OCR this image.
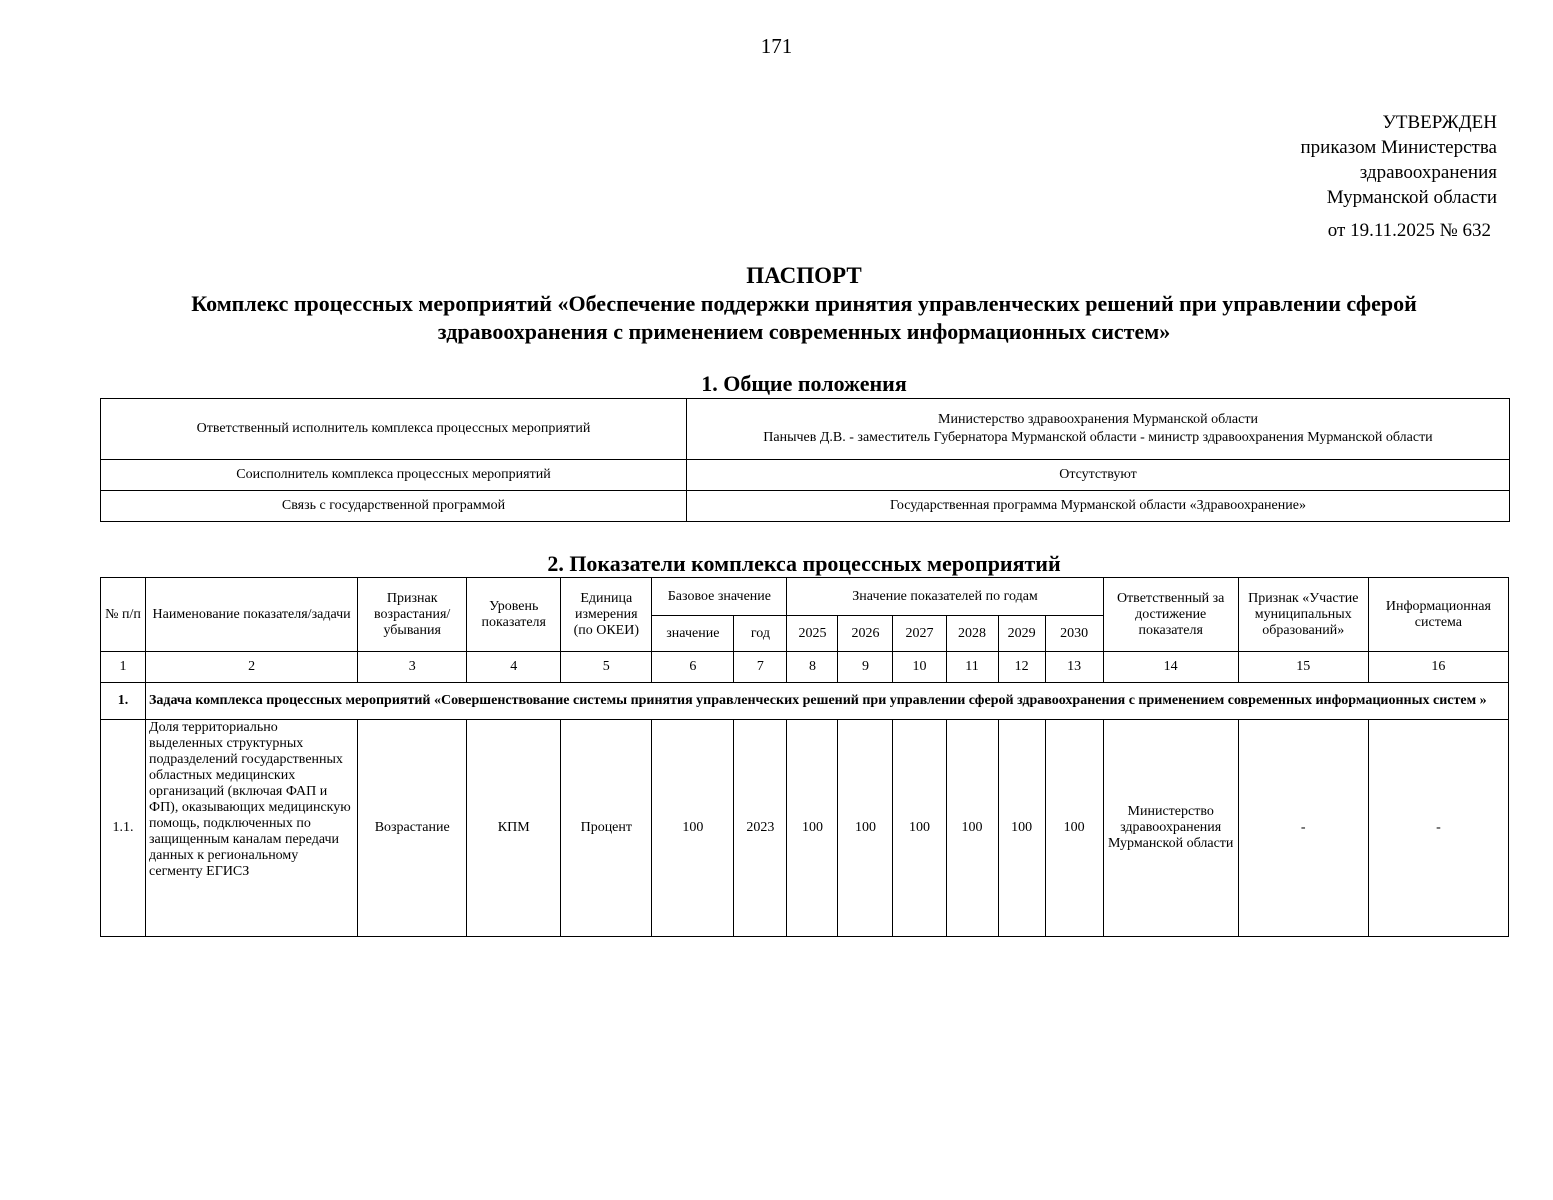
171
УТВЕРЖДЕН
приказом Министерства
здравоохранения
Мурманской области
от 19.11.2025 № 632
ПАСПОРТ
Комплекс процессных мероприятий «Обеспечение поддержки принятия управленческих решений при управлении сферой
здравоохранения с применением современных информационных систем»
1. Общие положения
Ответственный исполнитель комплекса процессных мероприятий	Министерство здравоохранения Мурманской области
Панычев Д.В. - заместитель Губернатора Мурманской области - министр здравоохранения Мурманской области

Соисполнитель комплекса процессных мероприятий	Отсутствуют
Связь с государственной программой	Государственная программа Мурманской области «Здравоохранение»
2. Показатели комплекса процессных мероприятий
№ п/п	Наименование показателя/задачи	Признак возрастания/ убывания	Уровень показателя	Единица измерения (по ОКЕИ)	Базовое значение		Значение показателей по годам						Ответственный за достижение показателя	Признак «Участие муниципальных образований»	Информационная система
					значение	год	2025	2026	2027	2028	2029	2030			
1	2	3	4	5	6	7	8	9	10	11	12	13	14	15	16
1.	Задача комплекса процессных мероприятий «Совершенствование системы принятия управленческих решений при управлении сферой здравоохранения с применением современных информационных систем »														
1.1.	Доля территориально выделенных структурных подразделений государственных областных медицинских организаций (включая ФАП и ФП), оказывающих медицинскую помощь, подключенных по защищенным каналам передачи данных к региональному сегменту ЕГИСЗ	Возрастание	КПМ	Процент	100	2023	100	100	100	100	100	100	Министерство здравоохранения Мурманской области	-	-
